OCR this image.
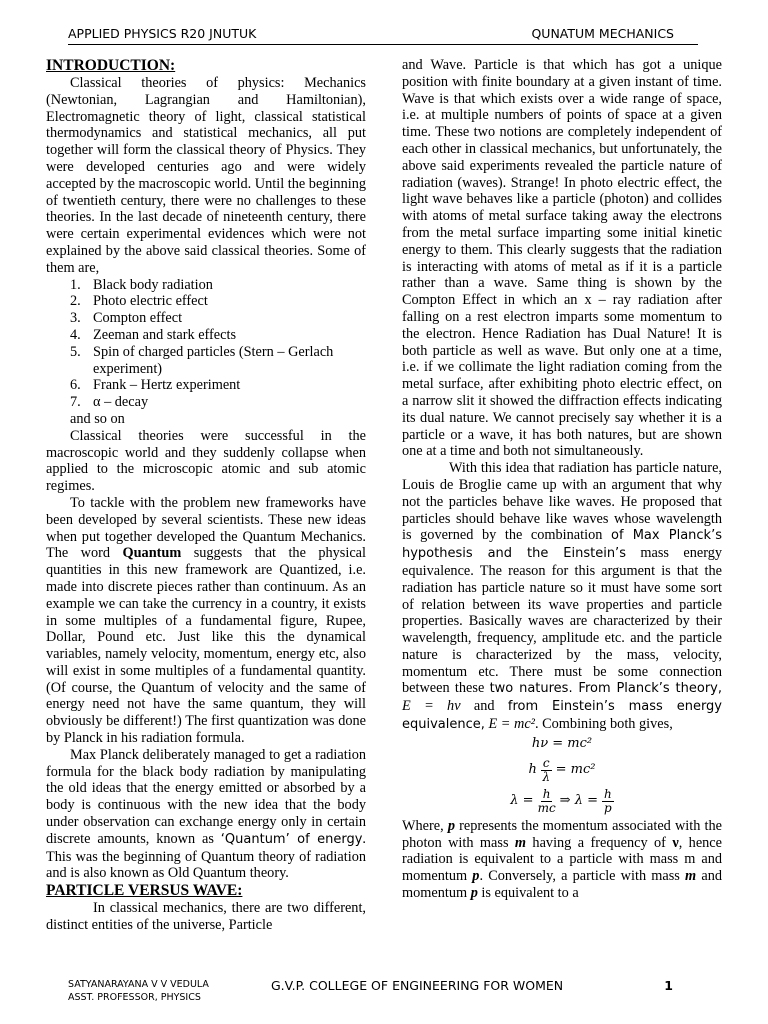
APPLIED PHYSICS R20 JNUTUK	QUNATUM MECHANICS

INTRODUCTION:

Classical theories of physics: Mechanics (Newtonian, Lagrangian and Hamiltonian), Electromagnetic theory of light, classical statistical thermodynamics and statistical mechanics, all put together will form the classical theory of Physics. They were developed centuries ago and were widely accepted by the macroscopic world. Until the beginning of twentieth century, there were no challenges to these theories. In the last decade of nineteenth century, there were certain experimental evidences which were not explained by the above said classical theories. Some of them are,

1. Black body radiation
2. Photo electric effect
3. Compton effect
4. Zeeman and stark effects
5. Spin of charged particles (Stern – Gerlach experiment)
6. Frank – Hertz experiment
7. α – decay

and so on

Classical theories were successful in the macroscopic world and they suddenly collapse when applied to the microscopic atomic and sub atomic regimes.

To tackle with the problem new frameworks have been developed by several scientists. These new ideas when put together developed the Quantum Mechanics. The word Quantum suggests that the physical quantities in this new framework are Quantized, i.e. made into discrete pieces rather than continuum. As an example we can take the currency in a country, it exists in some multiples of a fundamental figure, Rupee, Dollar, Pound etc. Just like this the dynamical variables, namely velocity, momentum, energy etc, also will exist in some multiples of a fundamental quantity. (Of course, the Quantum of velocity and the same of energy need not have the same quantum, they will obviously be different!) The first quantization was done by Planck in his radiation formula.

Max Planck deliberately managed to get a radiation formula for the black body radiation by manipulating the old ideas that the energy emitted or absorbed by a body is continuous with the new idea that the body under observation can exchange energy only in certain discrete amounts, known as ‘Quantum’ of energy. This was the beginning of Quantum theory of radiation and is also known as Old Quantum theory.

PARTICLE VERSUS WAVE:

In classical mechanics, there are two different, distinct entities of the universe, Particle

and Wave. Particle is that which has got a unique position with finite boundary at a given instant of time. Wave is that which exists over a wide range of space, i.e. at multiple numbers of points of space at a given time. These two notions are completely independent of each other in classical mechanics, but unfortunately, the above said experiments revealed the particle nature of radiation (waves). Strange! In photo electric effect, the light wave behaves like a particle (photon) and collides with atoms of metal surface taking away the electrons from the metal surface imparting some initial kinetic energy to them. This clearly suggests that the radiation is interacting with atoms of metal as if it is a particle rather than a wave. Same thing is shown by the Compton Effect in which an x – ray radiation after falling on a rest electron imparts some momentum to the electron. Hence Radiation has Dual Nature! It is both particle as well as wave. But only one at a time, i.e. if we collimate the light radiation coming from the metal surface, after exhibiting photo electric effect, on a narrow slit it showed the diffraction effects indicating its dual nature. We cannot precisely say whether it is a particle or a wave, it has both natures, but are shown one at a time and both not simultaneously.

With this idea that radiation has particle nature, Louis de Broglie came up with an argument that why not the particles behave like waves. He proposed that particles should behave like waves whose wavelength is governed by the combination of Max Planck’s hypothesis and the Einstein’s mass energy equivalence. The reason for this argument is that the radiation has particle nature so it must have some sort of relation between its wave properties and particle properties. Basically waves are characterized by their wavelength, frequency, amplitude etc. and the particle nature is characterized by the mass, velocity, momentum etc. There must be some connection between these two natures. From Planck’s theory, E = hν and from Einstein’s mass energy equivalence, E = mc². Combining both gives,

hν = mc²
h $\frac{c}{\lambda} = mc^2$
$\lambda = \frac{h}{mc}$ ⇒ $\lambda = \frac{h}{p}$

Where, p represents the momentum associated with the photon with mass m having a frequency of ν, hence radiation is equivalent to a particle with mass m and momentum p. Conversely, a particle with mass m and momentum p is equivalent to a

SATYANARAYANA V V VEDULA
ASST. PROFESSOR, PHYSICS
G.V.P. COLLEGE OF ENGINEERING FOR WOMEN	1
